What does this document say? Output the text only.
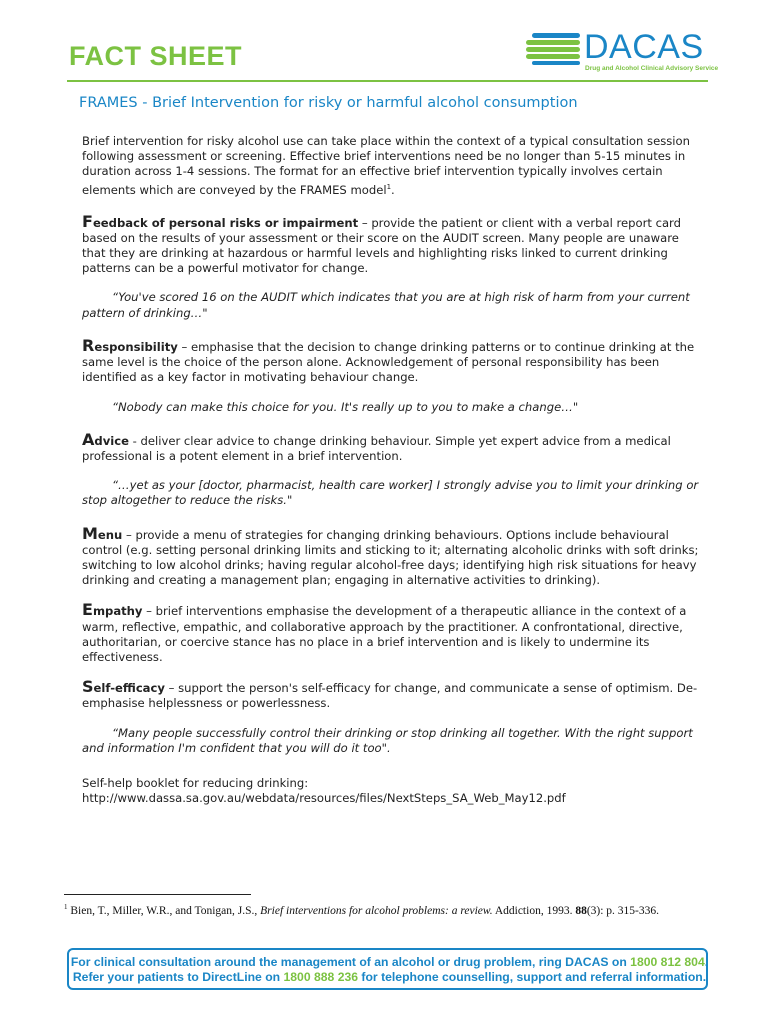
FACT SHEET	DACAS
Drug and Alcohol Clinical Advisory Service
FRAMES - Brief Intervention for risky or harmful alcohol consumption

Brief intervention for risky alcohol use can take place within the context of a typical consultation session following assessment or screening. Effective brief interventions need be no longer than 5-15 minutes in duration across 1-4 sessions. The format for an effective brief intervention typically involves certain elements which are conveyed by the FRAMES model$^1$.

Feedback of personal risks or impairment – provide the patient or client with a verbal report card based on the results of your assessment or their score on the AUDIT screen. Many people are unaware that they are drinking at hazardous or harmful levels and highlighting risks linked to current drinking patterns can be a powerful motivator for change.

“You've scored 16 on the AUDIT which indicates that you are at high risk of harm from your current pattern of drinking…"

Responsibility – emphasise that the decision to change drinking patterns or to continue drinking at the same level is the choice of the person alone. Acknowledgement of personal responsibility has been identified as a key factor in motivating behaviour change.

“Nobody can make this choice for you. It's really up to you to make a change…"

Advice - deliver clear advice to change drinking behaviour. Simple yet expert advice from a medical professional is a potent element in a brief intervention.

“…yet as your [doctor, pharmacist, health care worker] I strongly advise you to limit your drinking or stop altogether to reduce the risks."

Menu – provide a menu of strategies for changing drinking behaviours. Options include behavioural control (e.g. setting personal drinking limits and sticking to it; alternating alcoholic drinks with soft drinks; switching to low alcohol drinks; having regular alcohol-free days; identifying high risk situations for heavy drinking and creating a management plan; engaging in alternative activities to drinking).

Empathy – brief interventions emphasise the development of a therapeutic alliance in the context of a warm, reflective, empathic, and collaborative approach by the practitioner. A confrontational, directive, authoritarian, or coercive stance has no place in a brief intervention and is likely to undermine its effectiveness.

Self-efficacy – support the person's self-efficacy for change, and communicate a sense of optimism. De-emphasise helplessness or powerlessness.

“Many people successfully control their drinking or stop drinking all together. With the right support and information I'm confident that you will do it too".

Self-help booklet for reducing drinking:

http://www.dassa.sa.gov.au/webdata/resources/files/NextSteps_SA_Web_May12.pdf

$^1$ Bien, T., Miller, W.R., and Tonigan, J.S., Brief interventions for alcohol problems: a review. Addiction, 1993. 88(3): p. 315-336.
For clinical consultation around the management of an alcohol or drug problem, ring DACAS on 1800 812 804.
Refer your patients to DirectLine on 1800 888 236 for telephone counselling, support and referral information.
